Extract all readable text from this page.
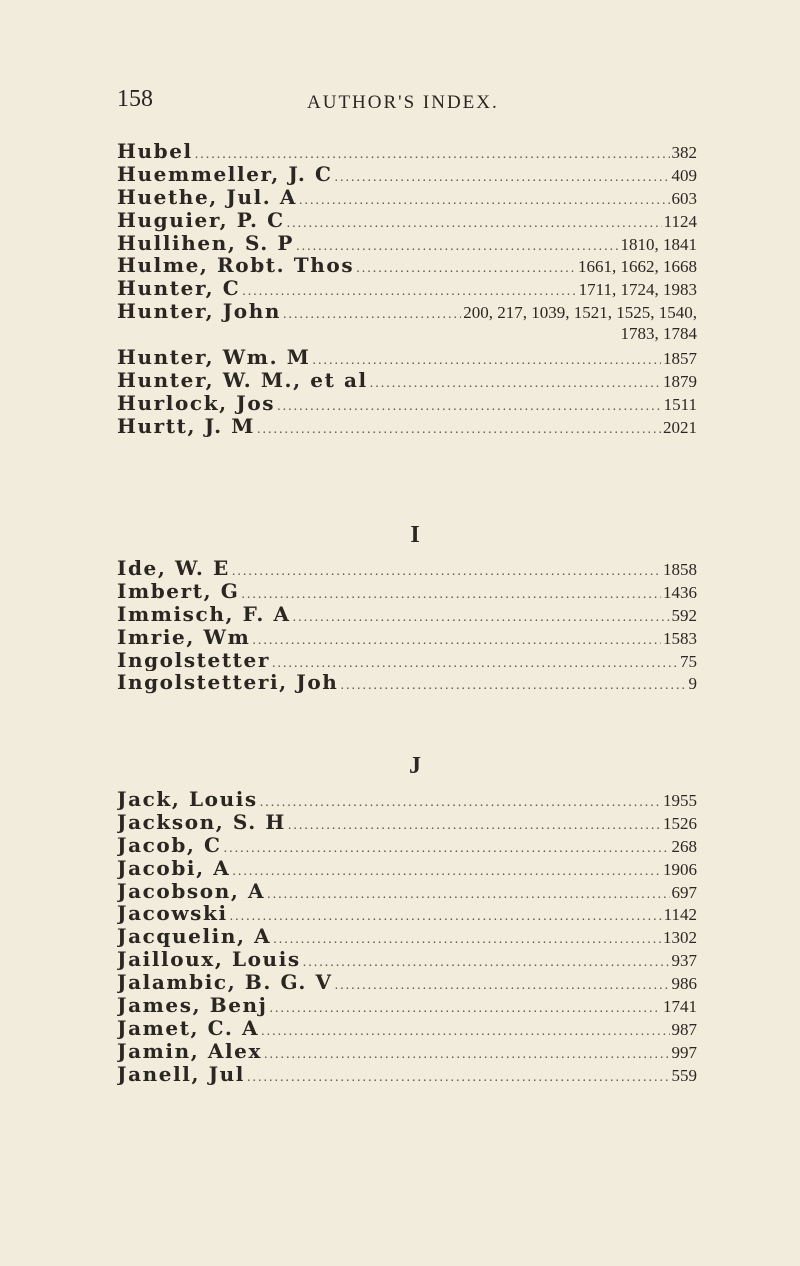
158	AUTHOR'S INDEX.
Hubel .....	382
Huemmeller, J. C .....	409
Huethe, Jul. A .....	603
Huguier, P. C .....	1124
Hullihen, S. P .....	1810, 1841
Hulme, Robt. Thos .....	1661, 1662, 1668
Hunter, C .....	1711, 1724, 1983
Hunter, John .....	200, 217, 1039, 1521, 1525, 1540,
1783, 1784
Hunter, Wm. M .....	1857
Hunter, W. M., et al .....	1879
Hurlock, Jos .....	1511
Hurtt, J. M .....	2021
I
Ide, W. E .....	1858
Imbert, G .....	1436
Immisch, F. A .....	592
Imrie, Wm .....	1583
Ingolstetter .....	75
Ingolstetteri, Joh .....	9
J
Jack, Louis .....	1955
Jackson, S. H .....	1526
Jacob, C .....	268
Jacobi, A .....	1906
Jacobson, A .....	697
Jacowski .....	1142
Jacquelin, A .....	1302
Jailloux, Louis .....	937
Jalambic, B. G. V .....	986
James, Benj .....	1741
Jamet, C. A .....	987
Jamin, Alex .....	997
Janell, Jul .....	559
